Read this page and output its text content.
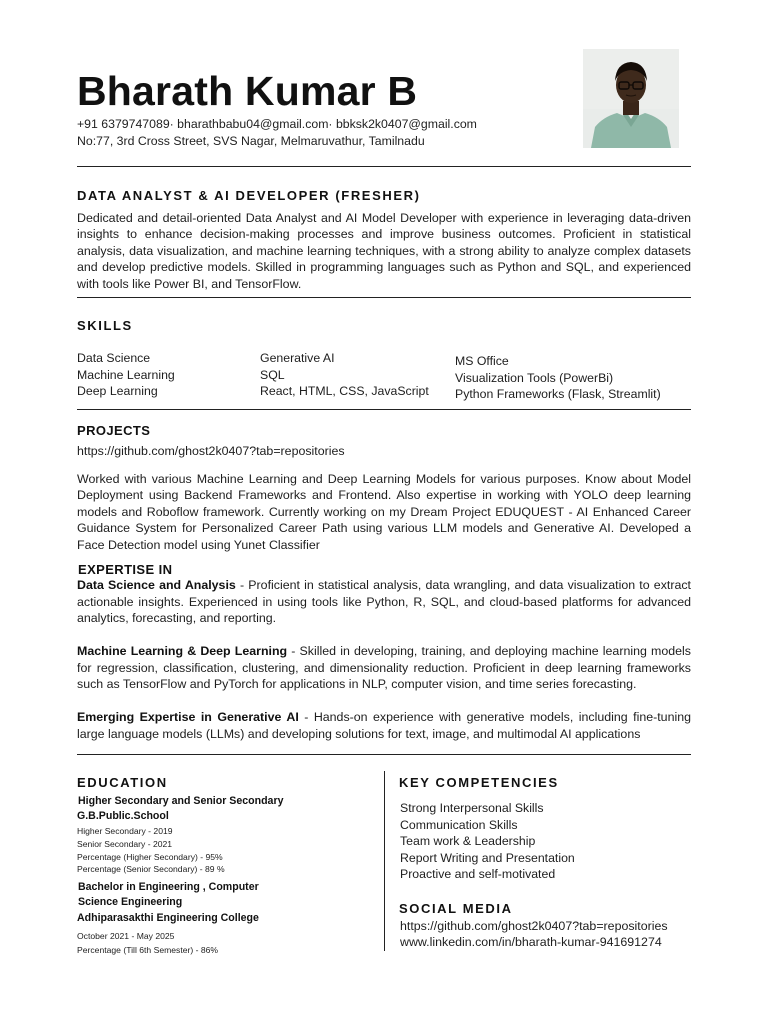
Bharath Kumar B
+91 6379747089· bharathbabu04@gmail.com· bbksk2k0407@gmail.com
No:77, 3rd Cross Street, SVS Nagar, Melmaruvathur, Tamilnadu
DATA ANALYST & AI DEVELOPER (FRESHER)
Dedicated and detail-oriented Data Analyst and AI Model Developer with experience in leveraging data-driven insights to enhance decision-making processes and improve business outcomes. Proficient in statistical analysis, data visualization, and machine learning techniques, with a strong ability to analyze complex datasets and develop predictive models. Skilled in programming languages such as Python and SQL, and experienced with tools like Power BI, and TensorFlow.
SKILLS
Data Science
Machine Learning
Deep Learning
Generative AI
SQL
React, HTML, CSS, JavaScript
MS Office
Visualization Tools (PowerBi)
Python Frameworks (Flask, Streamlit)
PROJECTS
https://github.com/ghost2k0407?tab=repositories
Worked with various Machine Learning and Deep Learning Models for various purposes. Know about Model Deployment using Backend Frameworks and Frontend. Also expertise in working with YOLO deep learning models and Roboflow framework. Currently working on my Dream Project EDUQUEST - AI Enhanced Career Guidance System for Personalized Career Path using various LLM models and Generative AI. Developed a Face Detection model using Yunet Classifier
EXPERTISE IN
Data Science and Analysis - Proficient in statistical analysis, data wrangling, and data visualization to extract actionable insights. Experienced in using tools like Python, R, SQL, and cloud-based platforms for advanced analytics, forecasting, and reporting.
Machine Learning & Deep Learning - Skilled in developing, training, and deploying machine learning models for regression, classification, clustering, and dimensionality reduction. Proficient in deep learning frameworks such as TensorFlow and PyTorch for applications in NLP, computer vision, and time series forecasting.
Emerging Expertise in Generative AI - Hands-on experience with generative models, including fine-tuning large language models (LLMs) and developing solutions for text, image, and multimodal AI applications
EDUCATION
Higher Secondary and Senior Secondary
G.B.Public.School
Higher Secondary - 2019
Senior Secondary - 2021
Percentage (Higher Secondary) - 95%
Percentage (Senior Secondary) - 89 %
Bachelor in Engineering , Computer
Science Engineering
Adhiparasakthi Engineering College
October 2021 - May 2025
Percentage (Till 6th Semester) - 86%
KEY COMPETENCIES
Strong Interpersonal Skills
Communication Skills
Team work & Leadership
Report Writing and Presentation
Proactive and self-motivated
SOCIAL MEDIA
https://github.com/ghost2k0407?tab=repositories
www.linkedin.com/in/bharath-kumar-941691274
